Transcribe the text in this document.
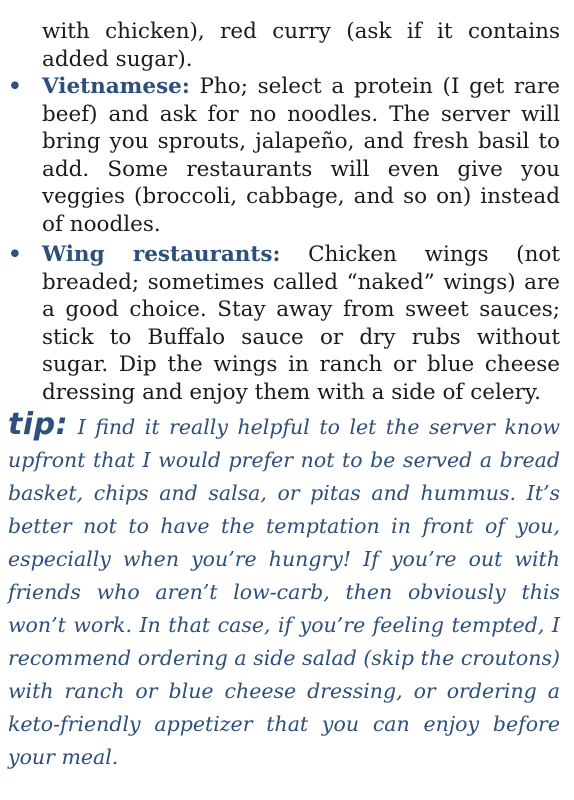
with chicken), red curry (ask if it contains added sugar).

• Vietnamese: Pho; select a protein (I get rare beef) and ask for no noodles. The server will bring you sprouts, jalapeño, and fresh basil to add. Some restaurants will even give you veggies (broccoli, cabbage, and so on) instead of noodles.
• Wing restaurants: Chicken wings (not breaded; sometimes called “naked” wings) are a good choice. Stay away from sweet sauces; stick to Buffalo sauce or dry rubs without sugar. Dip the wings in ranch or blue cheese dressing and enjoy them with a side of celery.

tip: I find it really helpful to let the server know upfront that I would prefer not to be served a bread basket, chips and salsa, or pitas and hummus. It’s better not to have the temptation in front of you, especially when you’re hungry! If you’re out with friends who aren’t low-carb, then obviously this won’t work. In that case, if you’re feeling tempted, I recommend ordering a side salad (skip the croutons) with ranch or blue cheese dressing, or ordering a keto-friendly appetizer that you can enjoy before your meal.
